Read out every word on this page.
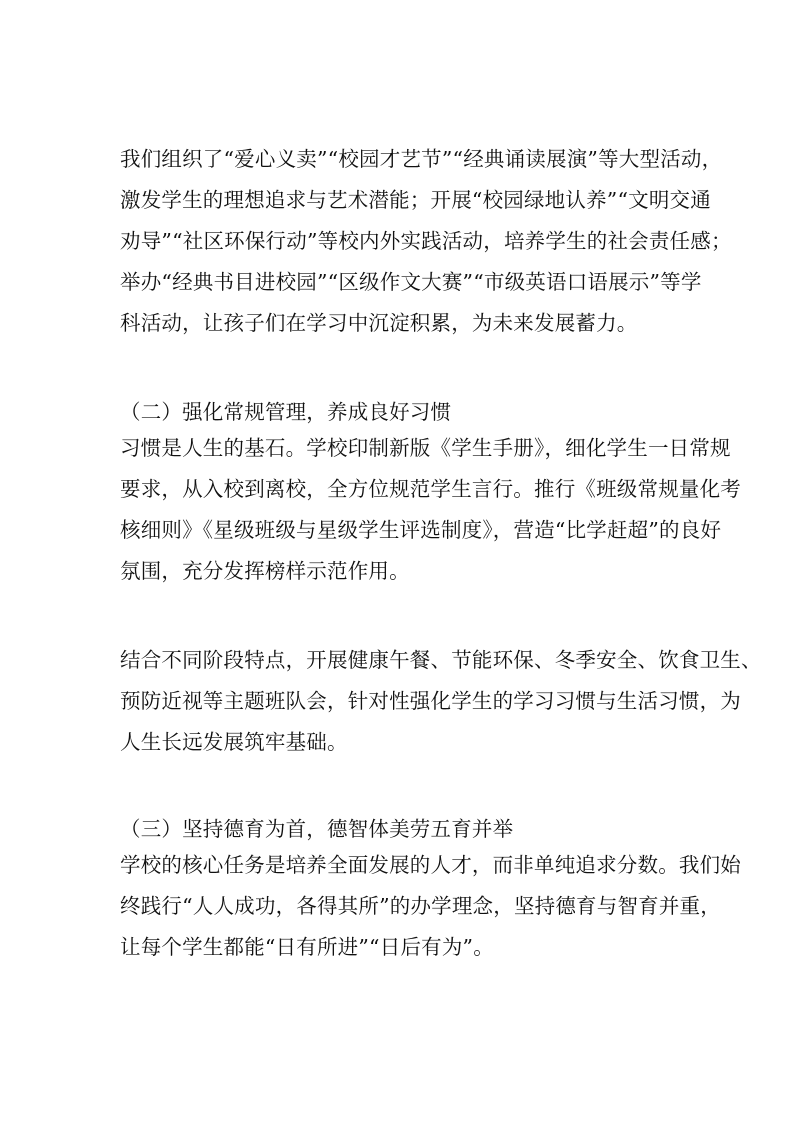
我们组织了“爱心义卖”“校园才艺节”“经典诵读展演”等大型活动，
激发学生的理想追求与艺术潜能；开展“校园绿地认养”“文明交通
劝导”“社区环保行动”等校内外实践活动，培养学生的社会责任感；
举办“经典书目进校园”“区级作文大赛”“市级英语口语展示”等学
科活动，让孩子们在学习中沉淀积累，为未来发展蓄力。
（二）强化常规管理，养成良好习惯
习惯是人生的基石。学校印制新版《学生手册》，细化学生一日常规
要求，从入校到离校，全方位规范学生言行。推行《班级常规量化考
核细则》《星级班级与星级学生评选制度》，营造“比学赶超”的良好
氛围，充分发挥榜样示范作用。
结合不同阶段特点，开展健康午餐、节能环保、冬季安全、饮食卫生、
预防近视等主题班队会，针对性强化学生的学习习惯与生活习惯，为
人生长远发展筑牢基础。
（三）坚持德育为首，德智体美劳五育并举
学校的核心任务是培养全面发展的人才，而非单纯追求分数。我们始
终践行“人人成功，各得其所”的办学理念，坚持德育与智育并重，
让每个学生都能“日有所进”“日后有为”。
